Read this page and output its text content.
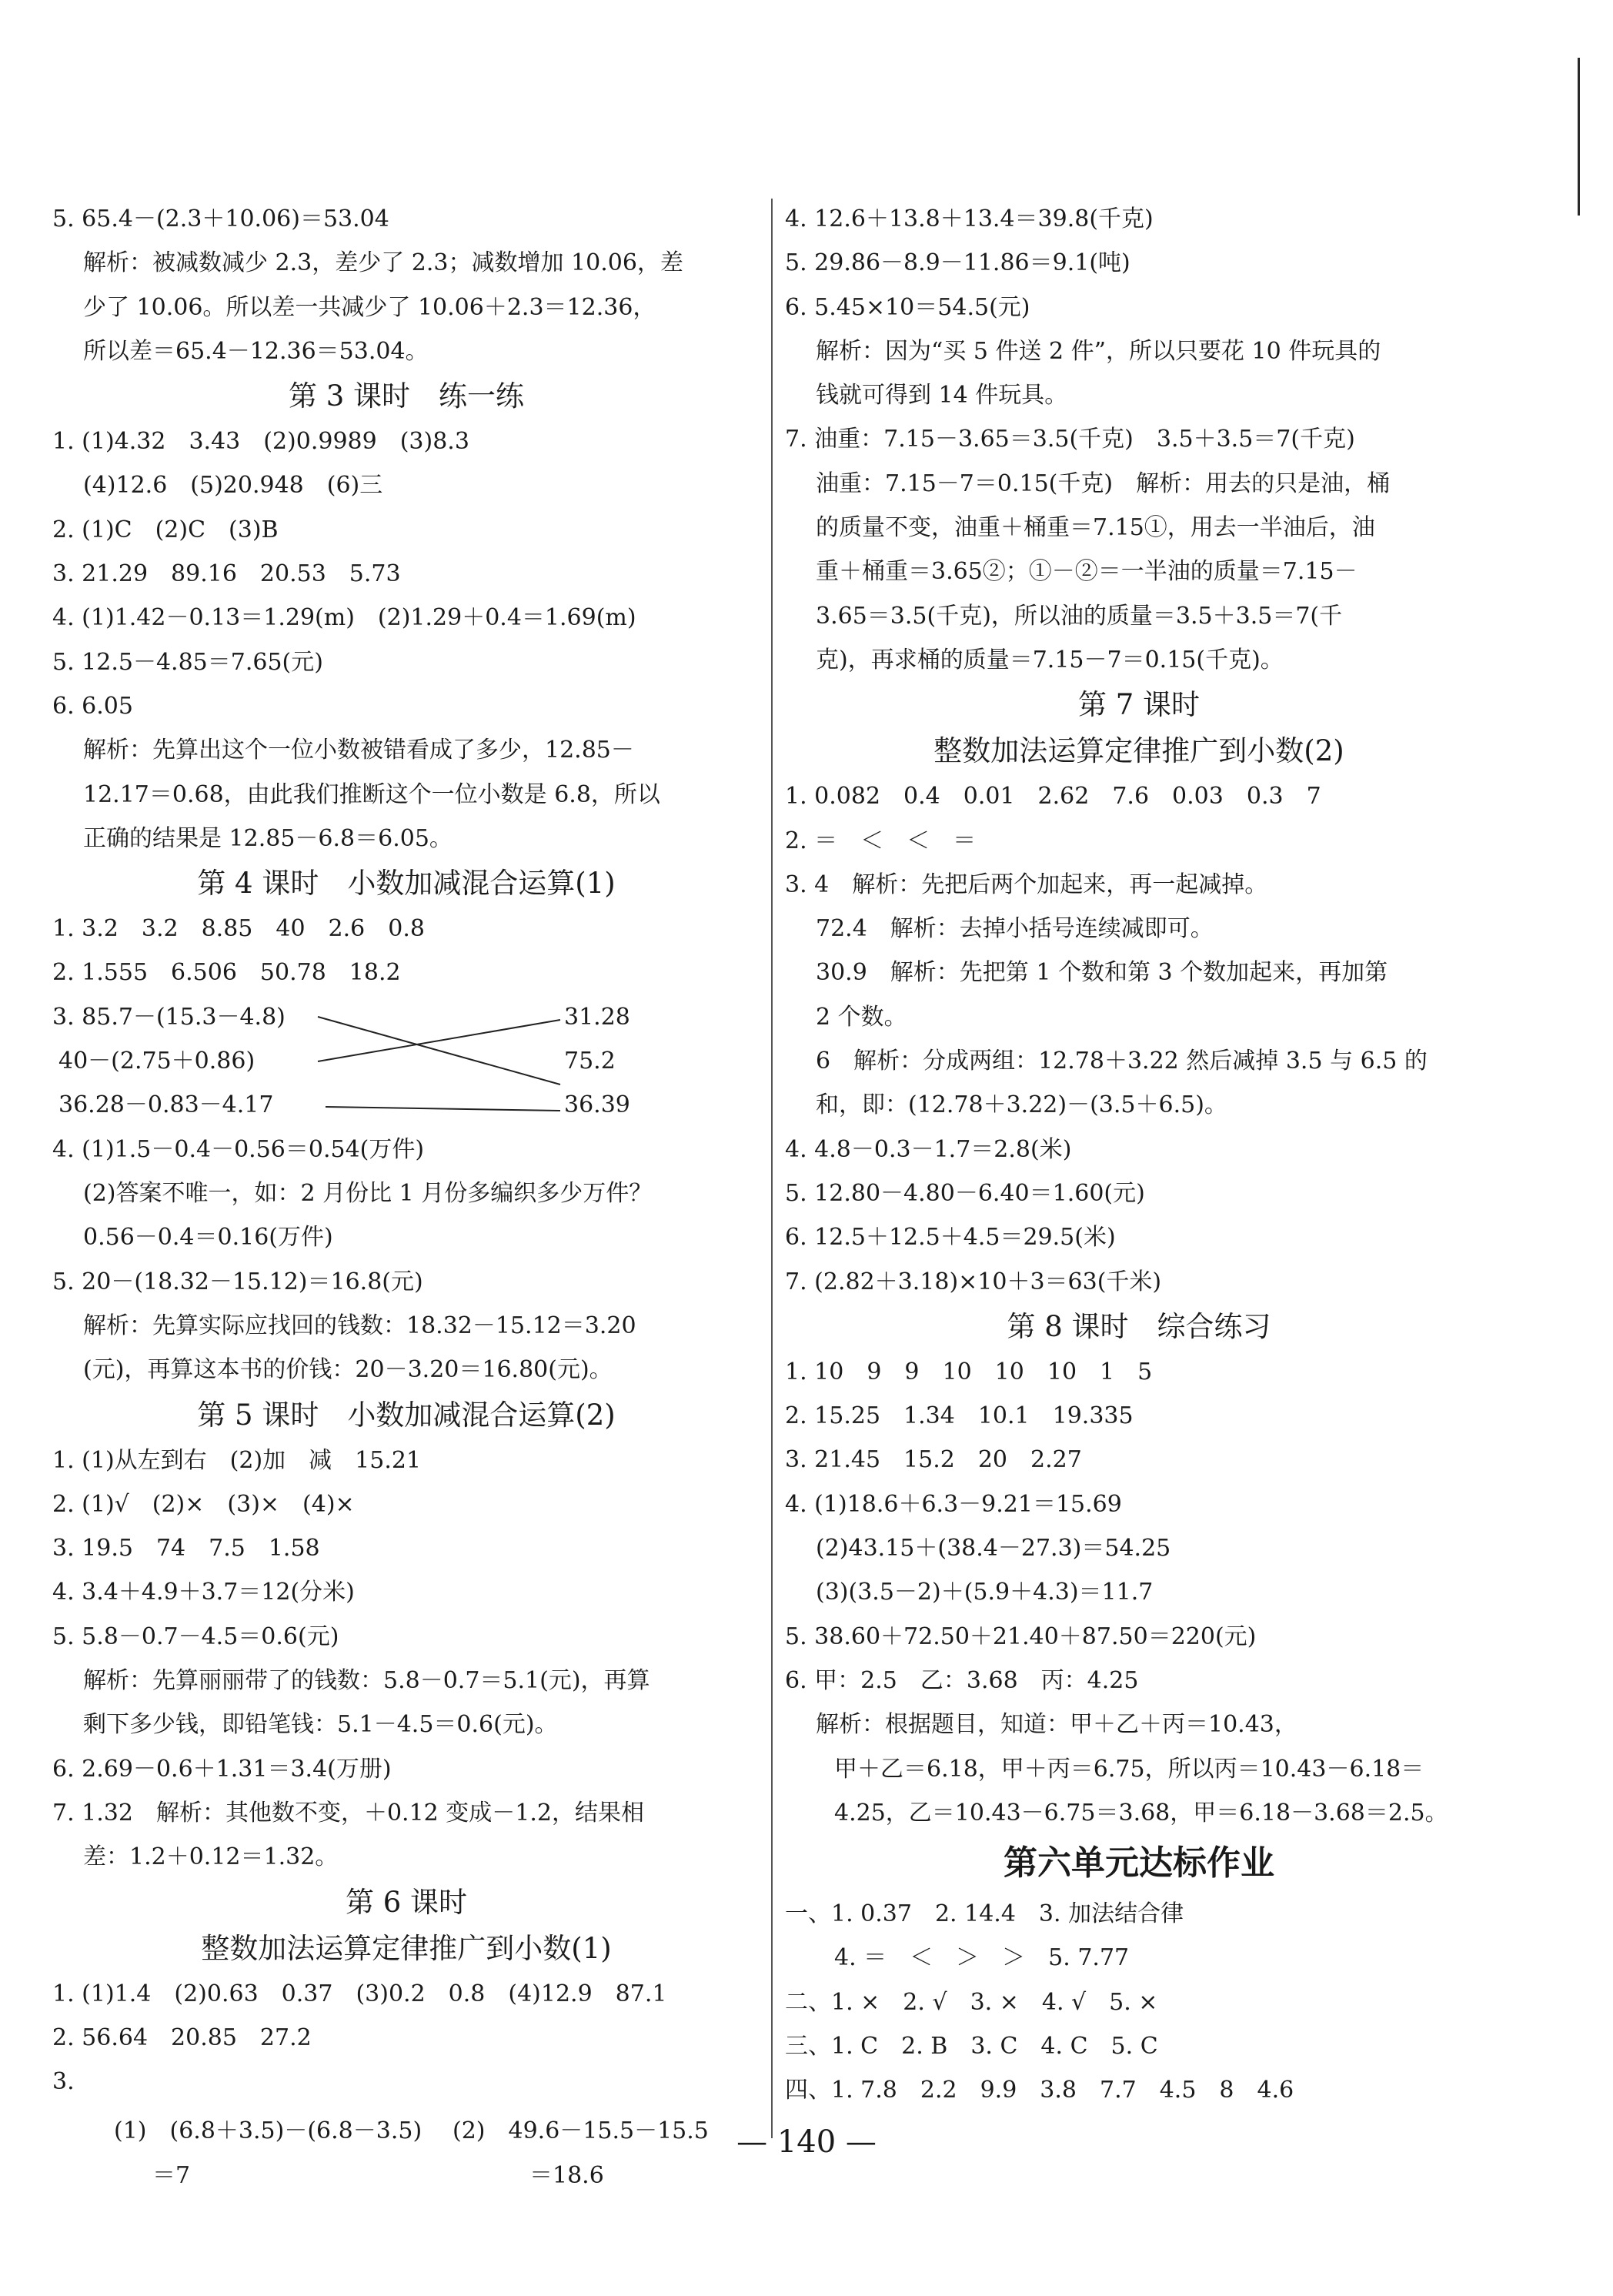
5. 65.4－(2.3＋10.06)＝53.04
解析：被减数减少 2.3，差少了 2.3；减数增加 10.06，差
少了 10.06。所以差一共减少了 10.06＋2.3＝12.36，
所以差＝65.4－12.36＝53.04。
第 3 课时　练一练
1. (1)4.32　3.43　(2)0.9989　(3)8.3
(4)12.6　(5)20.948　(6)三
2. (1)C　(2)C　(3)B
3. 21.29　89.16　20.53　5.73
4. (1)1.42－0.13＝1.29(m)　(2)1.29＋0.4＝1.69(m)
5. 12.5－4.85＝7.65(元)
6. 6.05
解析：先算出这个一位小数被错看成了多少，12.85－
12.17＝0.68，由此我们推断这个一位小数是 6.8，所以
正确的结果是 12.85－6.8＝6.05。
第 4 课时　小数加减混合运算(1)
1. 3.2　3.2　8.85　40　2.6　0.8
2. 1.555　6.506　50.78　18.2
3. 85.7－(15.3－4.8)
40－(2.75＋0.86)
36.28－0.83－4.17
31.28
75.2
36.39
4. (1)1.5－0.4－0.56＝0.54(万件)
(2)答案不唯一，如：2 月份比 1 月份多编织多少万件？
0.56－0.4＝0.16(万件)
5. 20－(18.32－15.12)＝16.8(元)
解析：先算实际应找回的钱数：18.32－15.12＝3.20
(元)，再算这本书的价钱：20－3.20＝16.80(元)。
第 5 课时　小数加减混合运算(2)
1. (1)从左到右　(2)加　减　15.21
2. (1)√　(2)×　(3)×　(4)×
3. 19.5　74　7.5　1.58
4. 3.4＋4.9＋3.7＝12(分米)
5. 5.8－0.7－4.5＝0.6(元)
解析：先算丽丽带了的钱数：5.8－0.7＝5.1(元)，再算
剩下多少钱，即铅笔钱：5.1－4.5＝0.6(元)。
6. 2.69－0.6＋1.31＝3.4(万册)
7. 1.32　解析：其他数不变，＋0.12 变成－1.2，结果相
差：1.2＋0.12＝1.32。
第 6 课时
整数加法运算定律推广到小数(1)
1. (1)1.4　(2)0.63　0.37　(3)0.2　0.8　(4)12.9　87.1
2. 56.64　20.85　27.2
3.
(1)　(6.8＋3.5)－(6.8－3.5)
＝7
(2)　49.6－15.5－15.5
＝18.6
4. 12.6＋13.8＋13.4＝39.8(千克)
5. 29.86－8.9－11.86＝9.1(吨)
6. 5.45×10＝54.5(元)
解析：因为“买 5 件送 2 件”，所以只要花 10 件玩具的
钱就可得到 14 件玩具。
7. 油重：7.15－3.65＝3.5(千克)　3.5＋3.5＝7(千克)
油重：7.15－7＝0.15(千克)　解析：用去的只是油，桶
的质量不变，油重＋桶重＝7.15①，用去一半油后，油
重＋桶重＝3.65②；①－②＝一半油的质量＝7.15－
3.65＝3.5(千克)，所以油的质量＝3.5＋3.5＝7(千
克)，再求桶的质量＝7.15－7＝0.15(千克)。
第 7 课时
整数加法运算定律推广到小数(2)
1. 0.082　0.4　0.01　2.62　7.6　0.03　0.3　7
2. ＝　＜　＜　＝
3. 4　解析：先把后两个加起来，再一起减掉。
72.4　解析：去掉小括号连续减即可。
30.9　解析：先把第 1 个数和第 3 个数加起来，再加第
2 个数。
6　解析：分成两组：12.78＋3.22 然后减掉 3.5 与 6.5 的
和，即：(12.78＋3.22)－(3.5＋6.5)。
4. 4.8－0.3－1.7＝2.8(米)
5. 12.80－4.80－6.40＝1.60(元)
6. 12.5＋12.5＋4.5＝29.5(米)
7. (2.82＋3.18)×10＋3＝63(千米)
第 8 课时　综合练习
1. 10　9　9　10　10　10　1　5
2. 15.25　1.34　10.1　19.335
3. 21.45　15.2　20　2.27
4. (1)18.6＋6.3－9.21＝15.69
(2)43.15＋(38.4－27.3)＝54.25
(3)(3.5－2)＋(5.9＋4.3)＝11.7
5. 38.60＋72.50＋21.40＋87.50＝220(元)
6. 甲：2.5　乙：3.68　丙：4.25
解析：根据题目，知道：甲＋乙＋丙＝10.43，
甲＋乙＝6.18，甲＋丙＝6.75，所以丙＝10.43－6.18＝
4.25，乙＝10.43－6.75＝3.68，甲＝6.18－3.68＝2.5。
第六单元达标作业
一、1. 0.37　2. 14.4　3. 加法结合律
4. ＝　＜　＞　＞　5. 7.77
二、1. ×　2. √　3. ×　4. √　5. ×
三、1. C　2. B　3. C　4. C　5. C
四、1. 7.8　2.2　9.9　3.8　7.7　4.5　8　4.6
— 140 —
